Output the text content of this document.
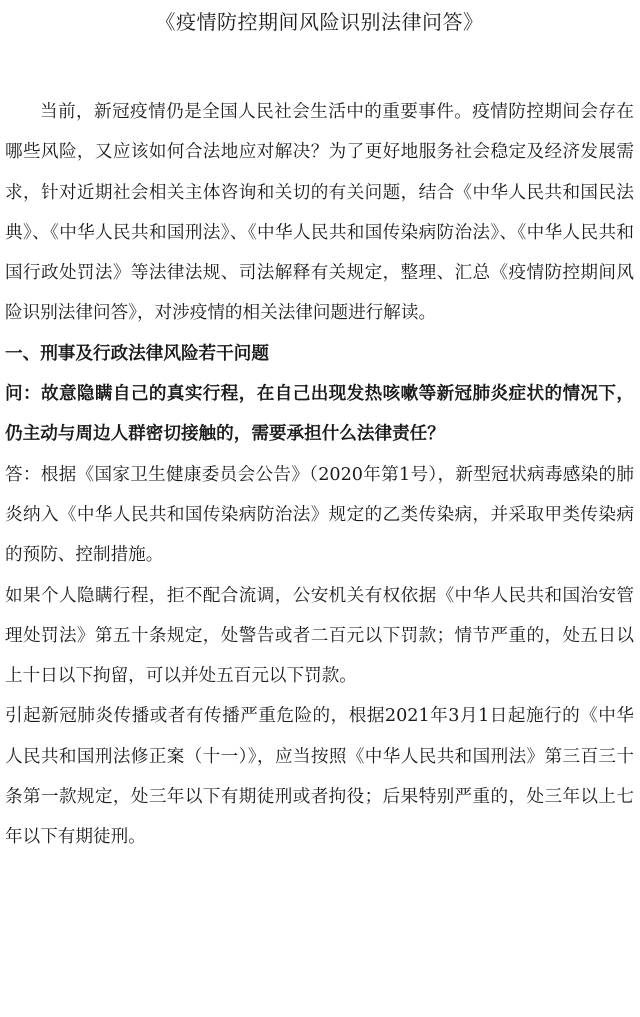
《疫情防控期间风险识别法律问答》

当前，新冠疫情仍是全国人民社会生活中的重要事件。疫情防控期间会存在哪些风险，又应该如何合法地应对解决？为了更好地服务社会稳定及经济发展需求，针对近期社会相关主体咨询和关切的有关问题，结合《中华人民共和国民法典》、《中华人民共和国刑法》、《中华人民共和国传染病防治法》、《中华人民共和国行政处罚法》等法律法规、司法解释有关规定，整理、汇总《疫情防控期间风险识别法律问答》，对涉疫情的相关法律问题进行解读。

一、刑事及行政法律风险若干问题

问：故意隐瞒自己的真实行程，在自己出现发热咳嗽等新冠肺炎症状的情况下，仍主动与周边人群密切接触的，需要承担什么法律责任？

答：根据《国家卫生健康委员会公告》（2020年第1号），新型冠状病毒感染的肺炎纳入《中华人民共和国传染病防治法》规定的乙类传染病，并采取甲类传染病的预防、控制措施。

如果个人隐瞒行程，拒不配合流调，公安机关有权依据《中华人民共和国治安管理处罚法》第五十条规定，处警告或者二百元以下罚款；情节严重的，处五日以上十日以下拘留，可以并处五百元以下罚款。

引起新冠肺炎传播或者有传播严重危险的，根据2021年3月1日起施行的《中华人民共和国刑法修正案（十一）》，应当按照《中华人民共和国刑法》第三百三十条第一款规定，处三年以下有期徒刑或者拘役；后果特别严重的，处三年以上七年以下有期徒刑。
